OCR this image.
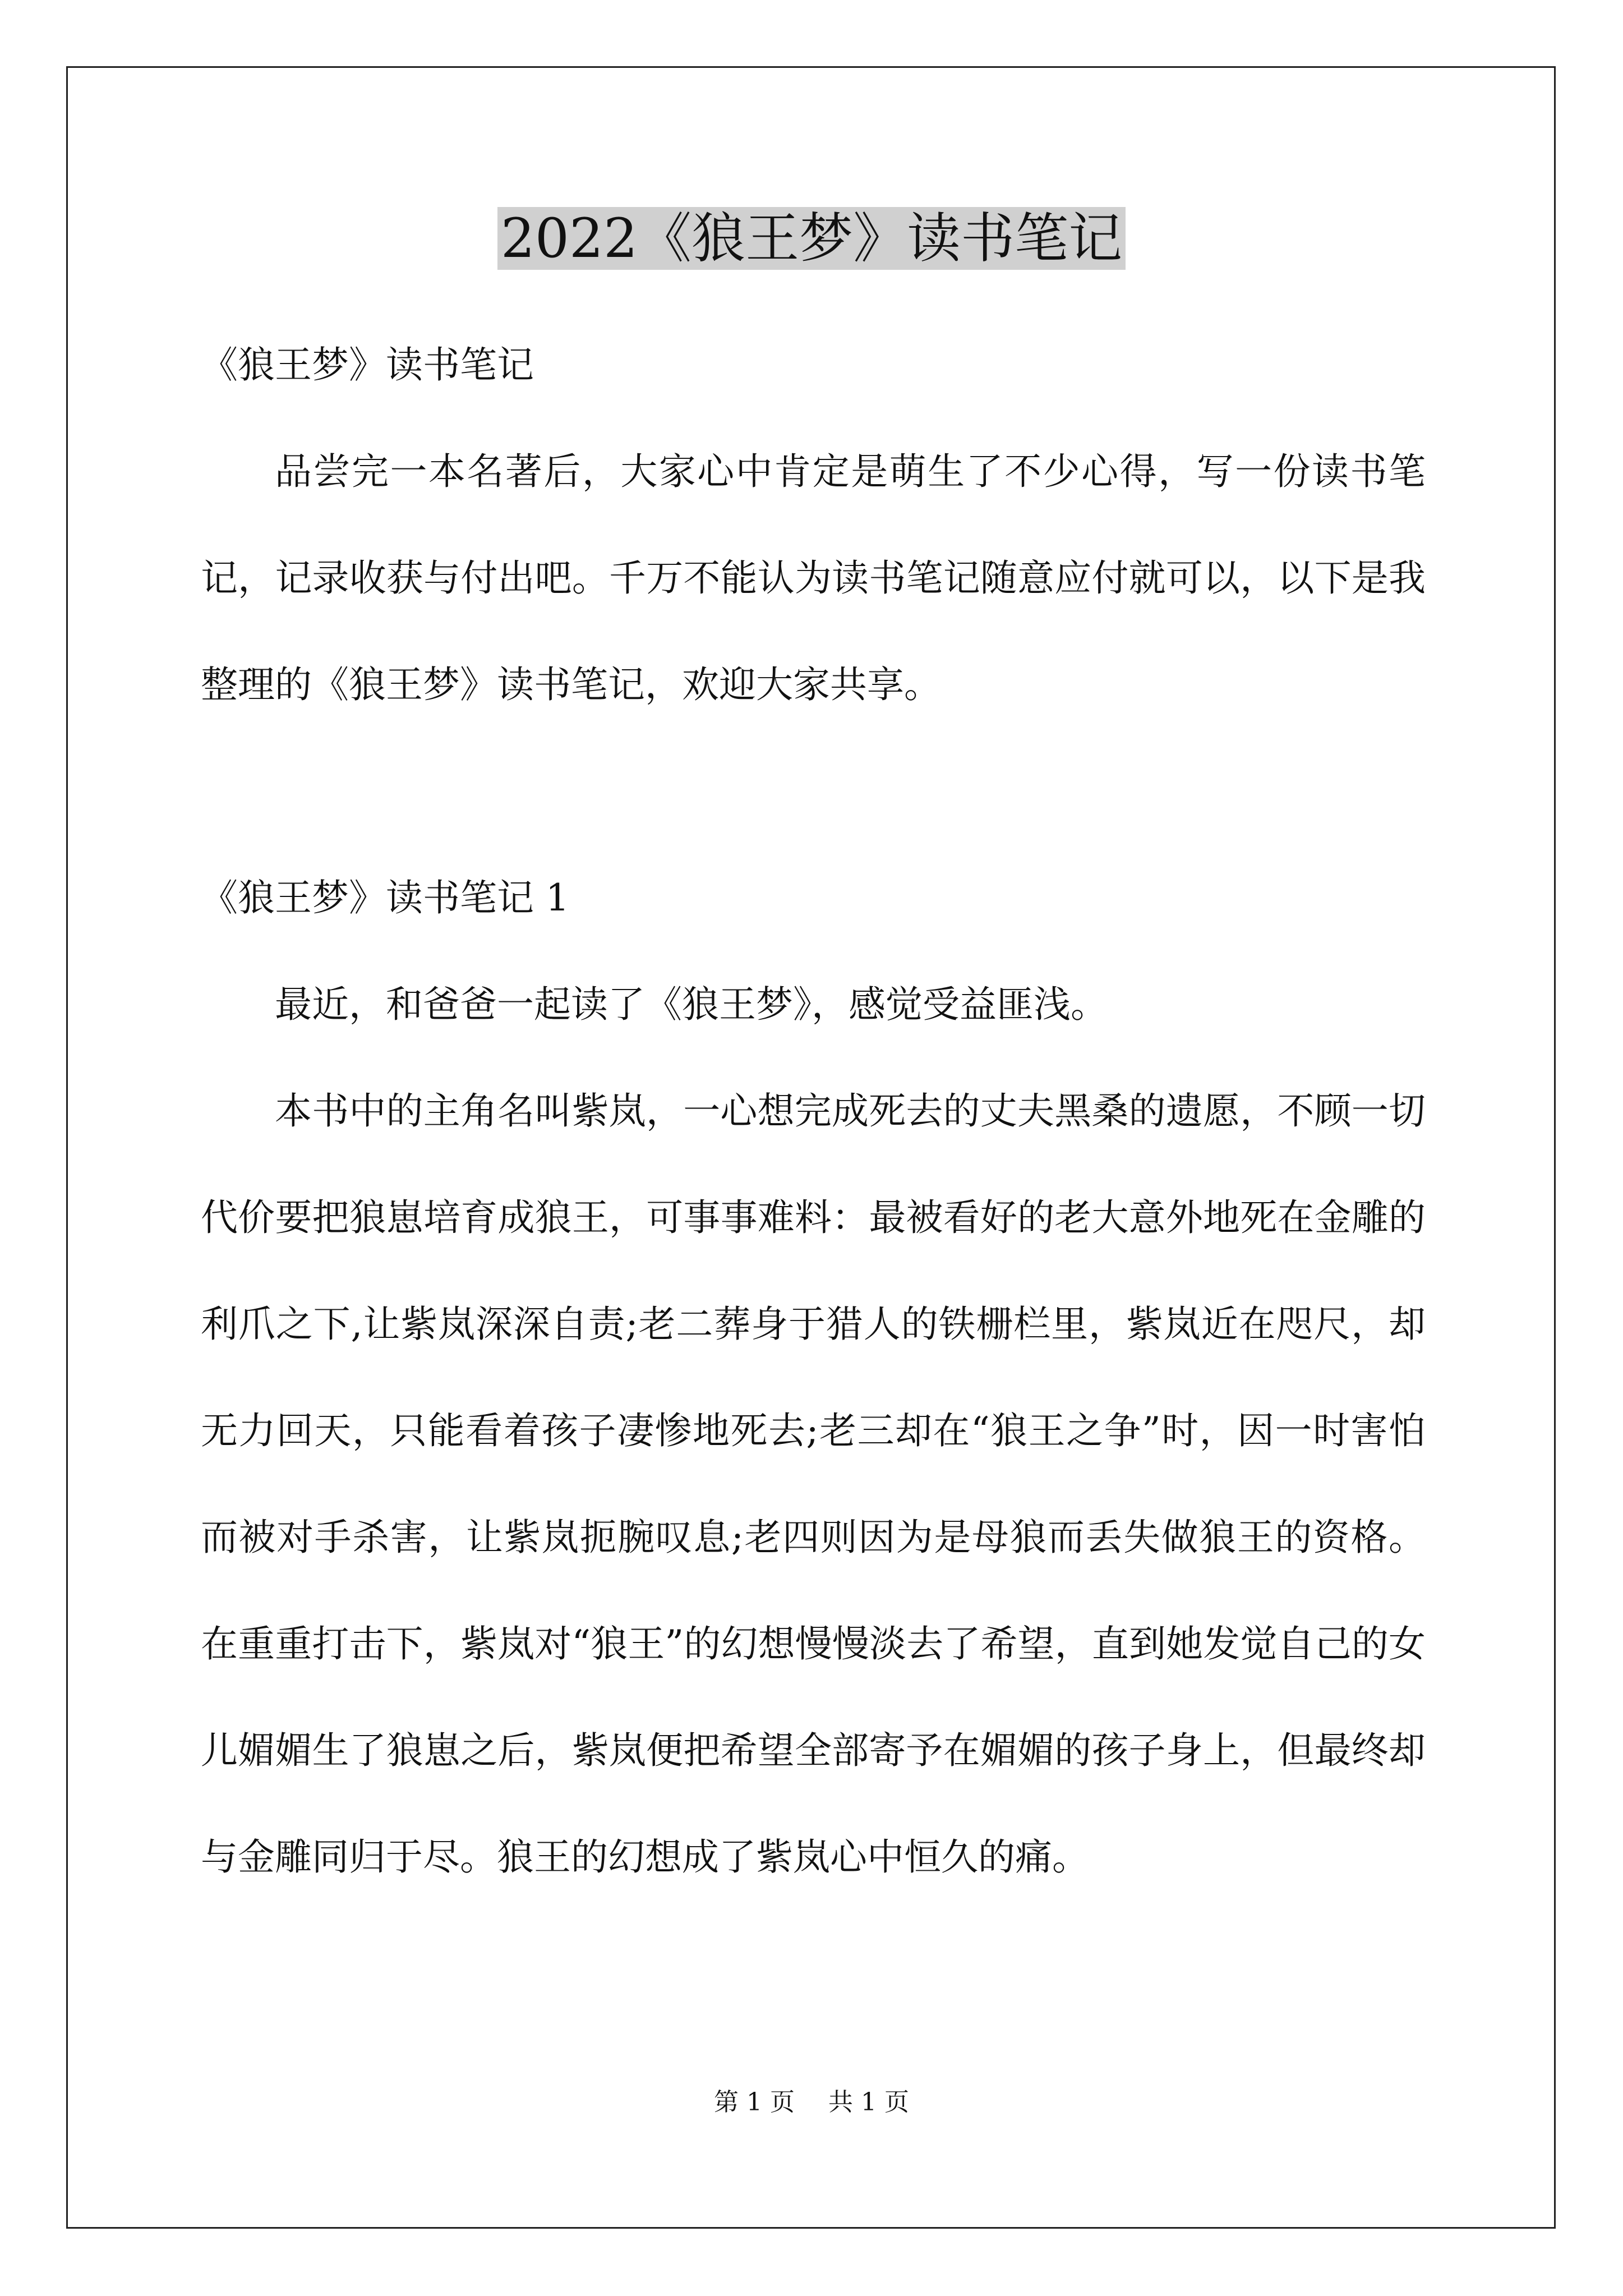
2022《狼王梦》读书笔记

《狼王梦》读书笔记

品尝完一本名著后，大家心中肯定是萌生了不少心得，写一份读书笔记，记录收获与付出吧。千万不能认为读书笔记随意应付就可以，以下是我整理的《狼王梦》读书笔记，欢迎大家共享。

《狼王梦》读书笔记 1

最近，和爸爸一起读了《狼王梦》，感觉受益匪浅。

本书中的主角名叫紫岚，一心想完成死去的丈夫黑桑的遗愿，不顾一切代价要把狼崽培育成狼王，可事事难料：最被看好的老大意外地死在金雕的利爪之下,让紫岚深深自责;老二葬身于猎人的铁栅栏里，紫岚近在咫尺，却无力回天，只能看着孩子凄惨地死去;老三却在“狼王之争”时，因一时害怕而被对手杀害，让紫岚扼腕叹息;老四则因为是母狼而丢失做狼王的资格。在重重打击下，紫岚对“狼王”的幻想慢慢淡去了希望，直到她发觉自己的女儿媚媚生了狼崽之后，紫岚便把希望全部寄予在媚媚的孩子身上，但最终却与金雕同归于尽。狼王的幻想成了紫岚心中恒久的痛。

第 1 页 共 1 页
